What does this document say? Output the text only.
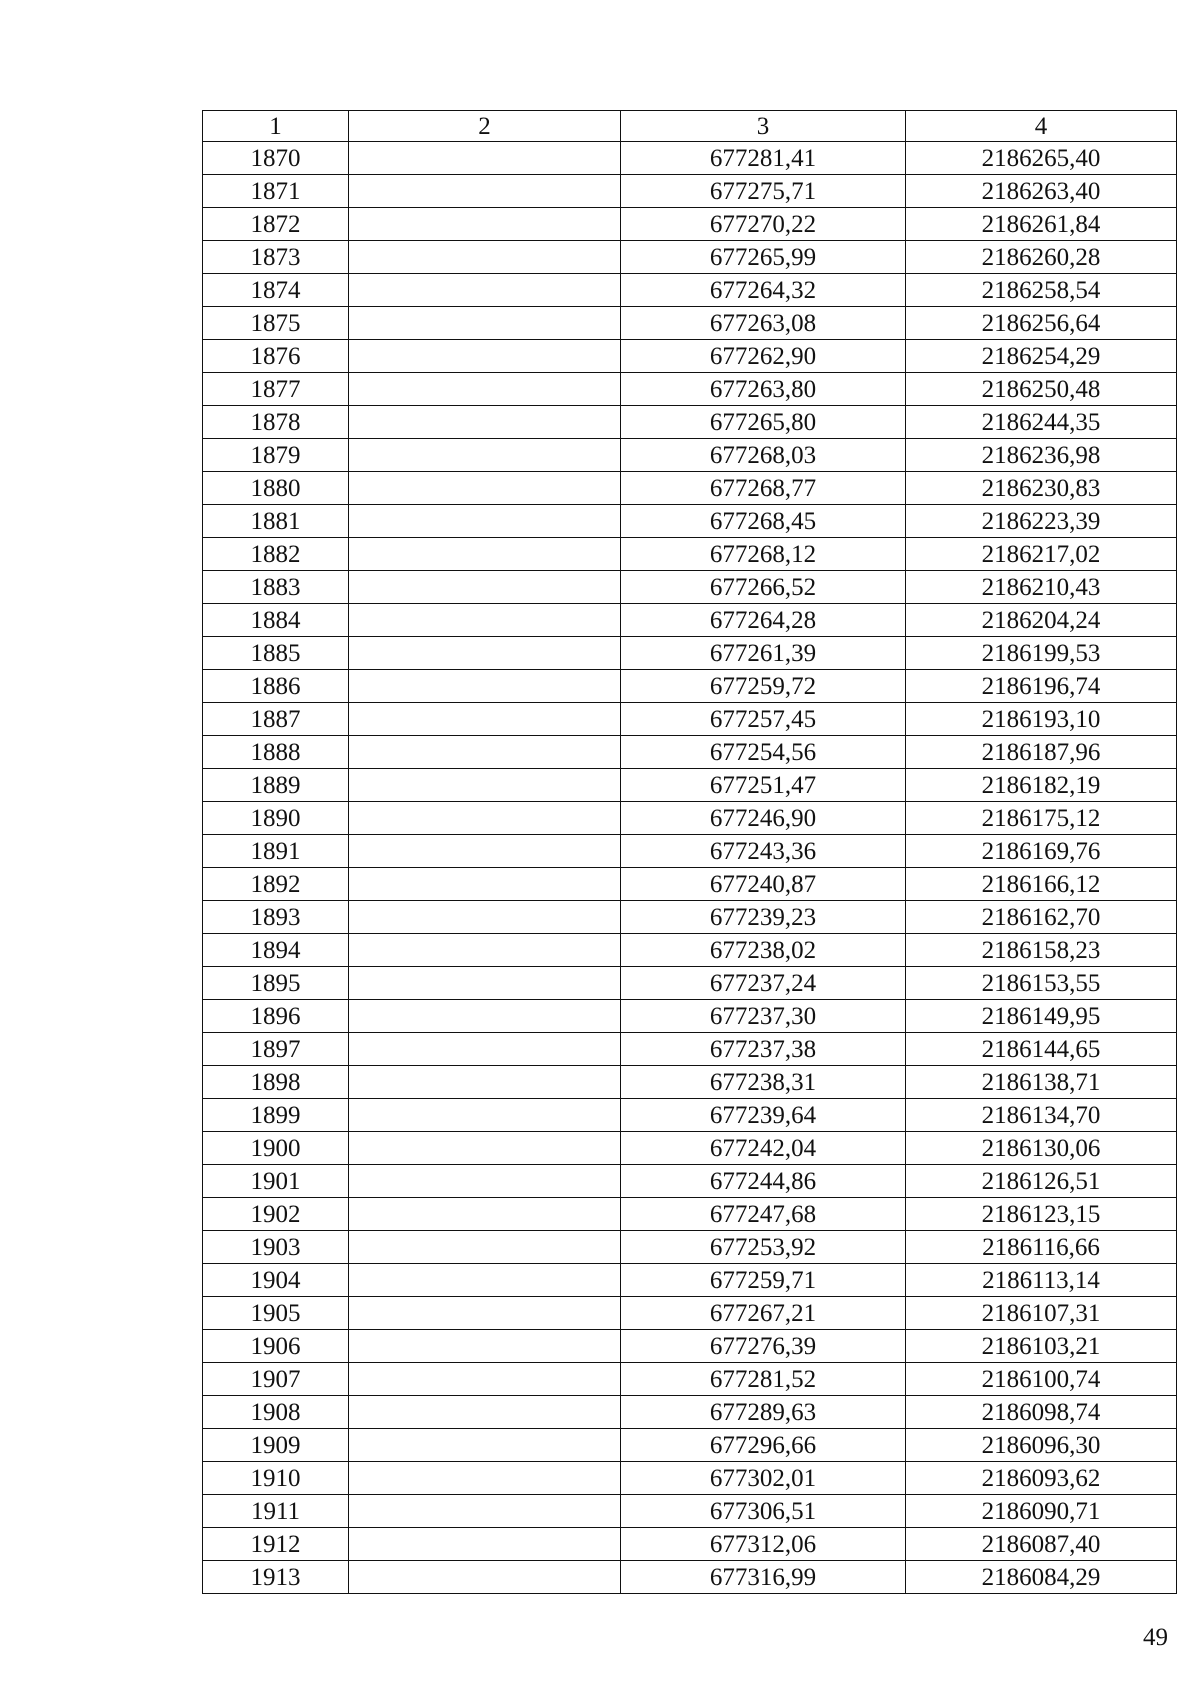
1	2	3	4
1870		677281,41	2186265,40
1871		677275,71	2186263,40
1872		677270,22	2186261,84
1873		677265,99	2186260,28
1874		677264,32	2186258,54
1875		677263,08	2186256,64
1876		677262,90	2186254,29
1877		677263,80	2186250,48
1878		677265,80	2186244,35
1879		677268,03	2186236,98
1880		677268,77	2186230,83
1881		677268,45	2186223,39
1882		677268,12	2186217,02
1883		677266,52	2186210,43
1884		677264,28	2186204,24
1885		677261,39	2186199,53
1886		677259,72	2186196,74
1887		677257,45	2186193,10
1888		677254,56	2186187,96
1889		677251,47	2186182,19
1890		677246,90	2186175,12
1891		677243,36	2186169,76
1892		677240,87	2186166,12
1893		677239,23	2186162,70
1894		677238,02	2186158,23
1895		677237,24	2186153,55
1896		677237,30	2186149,95
1897		677237,38	2186144,65
1898		677238,31	2186138,71
1899		677239,64	2186134,70
1900		677242,04	2186130,06
1901		677244,86	2186126,51
1902		677247,68	2186123,15
1903		677253,92	2186116,66
1904		677259,71	2186113,14
1905		677267,21	2186107,31
1906		677276,39	2186103,21
1907		677281,52	2186100,74
1908		677289,63	2186098,74
1909		677296,66	2186096,30
1910		677302,01	2186093,62
1911		677306,51	2186090,71
1912		677312,06	2186087,40
1913		677316,99	2186084,29
49
